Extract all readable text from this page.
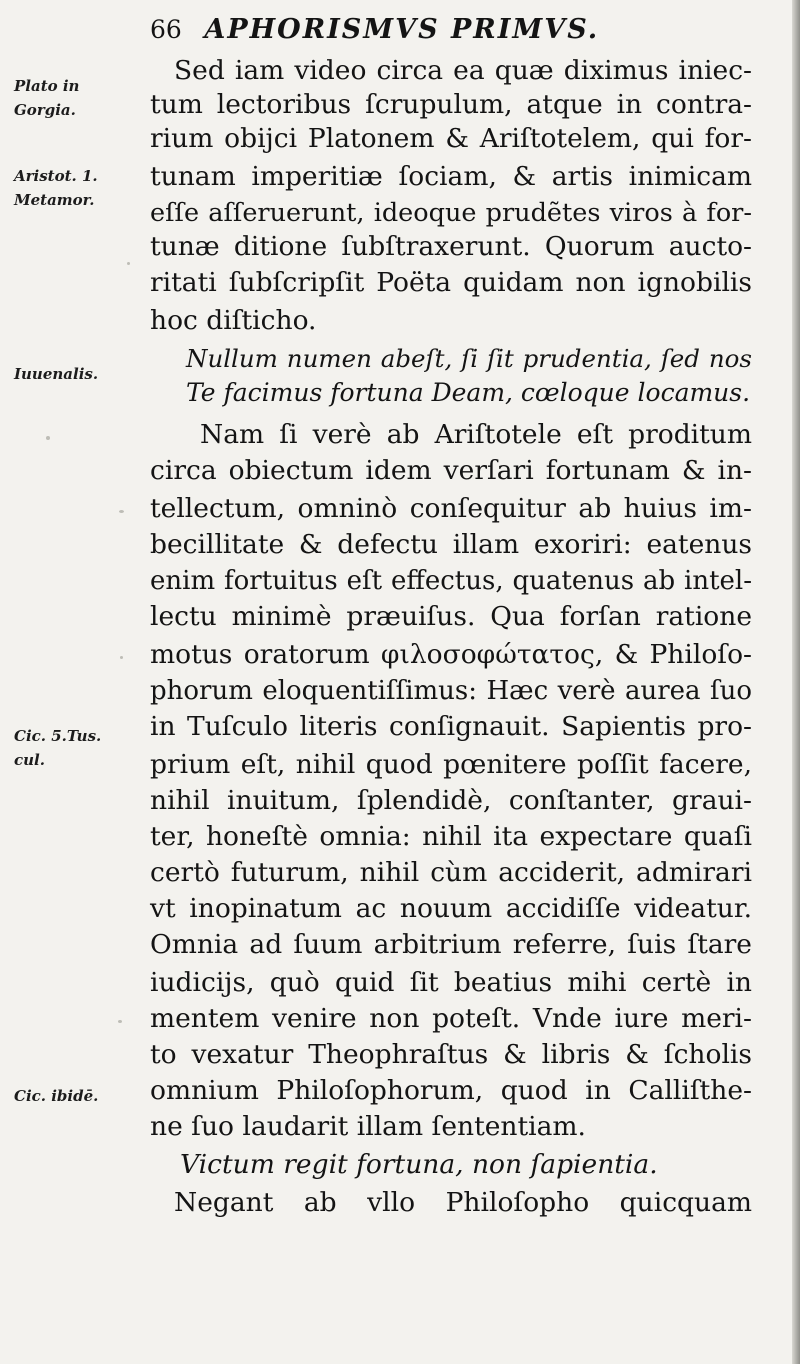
66 APHORISMVS PRIMVS.
Plato in
Gorgia.
Aristot. 1.
Metamor.
Iuuenalis.
Cic. 5.Tus.
cul.
Cic. ibidē.
Sed iam video circa ea quæ diximus iniec-
tum lectoribus ſcrupulum, atque in contra-
rium obijci Platonem & Ariſtotelem, qui for-
tunam imperitiæ ſociam, & artis inimicam
eſſe aſſeruerunt, ideoque prudẽtes viros à for-
tunæ ditione ſubſtraxerunt. Quorum aucto-
ritati ſubſcripſit Poëta quidam non ignobilis
hoc diſticho.
Nullum numen abeſt, ſi ſit prudentia, ſed nos
Te facimus fortuna Deam, cœloque locamus.
Nam ſi verè ab Ariſtotele eſt proditum
circa obiectum idem verſari fortunam & in-
tellectum, omninò conſequitur ab huius im-
becillitate & defectu illam exoriri: eatenus
enim fortuitus eſt effectus, quatenus ab intel-
lectu minimè præuiſus. Qua forſan ratione
motus oratorum φιλοσοφώτατος, & Philoſo-
phorum eloquentiſſimus: Hæc verè aurea ſuo
in Tuſculo literis conſignauit. Sapientis pro-
prium eſt, nihil quod pœnitere poſſit facere,
nihil inuitum, ſplendidè, conſtanter, graui-
ter, honeſtè omnia: nihil ita expectare quaſi
certò futurum, nihil cùm acciderit, admirari
vt inopinatum ac nouum accidiſſe videatur.
Omnia ad ſuum arbitrium referre, ſuis ſtare
iudicijs, quò quid ſit beatius mihi certè in
mentem venire non poteſt. Vnde iure meri-
to vexatur Theophraſtus & libris & ſcholis
omnium Philoſophorum, quod in Calliſthe-
ne ſuo laudarit illam ſententiam.
Victum regit fortuna, non ſapientia.
Negant ab vllo Philoſopho quicquam
